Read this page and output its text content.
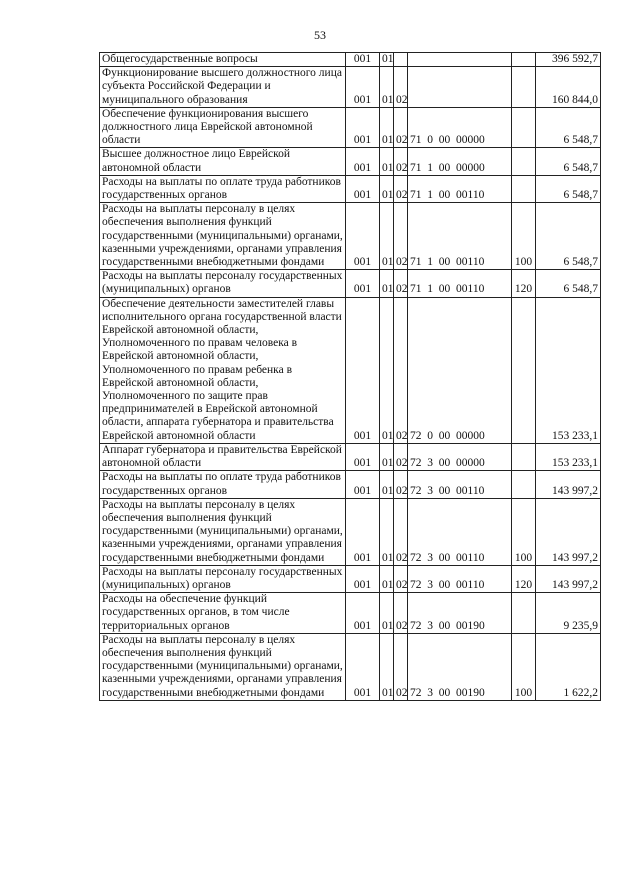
53
Общегосударственные вопросы	001	01				396 592,7
Функционирование высшего должностного лица субъекта Российской Федерации и муниципального образования	001	01	02			160 844,0
Обеспечение функционирования высшего должностного лица Еврейской автономной области	001	01	02	71  0  00  00000		6 548,7
Высшее должностное лицо Еврейской автономной области	001	01	02	71  1  00  00000		6 548,7
Расходы на выплаты по оплате труда работников государственных органов	001	01	02	71  1  00  00110		6 548,7
Расходы на выплаты персоналу в целях обеспечения выполнения функций государственными (муниципальными) органами, казенными учреждениями, органами управления государственными внебюджетными фондами	001	01	02	71  1  00  00110	100	6 548,7
Расходы на выплаты персоналу государственных (муниципальных) органов	001	01	02	71  1  00  00110	120	6 548,7
Обеспечение деятельности заместителей главы исполнительного органа государственной власти Еврейской автономной области, Уполномоченного по правам человека в Еврейской автономной области, Уполномоченного по правам ребенка в Еврейской автономной области, Уполномоченного по защите прав предпринимателей в Еврейской автономной области, аппарата губернатора и правительства Еврейской автономной области	001	01	02	72  0  00  00000		153 233,1
Аппарат губернатора и правительства Еврейской автономной области	001	01	02	72  3  00  00000		153 233,1
Расходы на выплаты по оплате труда работников государственных органов	001	01	02	72  3  00  00110		143 997,2
Расходы на выплаты персоналу в целях обеспечения выполнения функций государственными (муниципальными) органами, казенными учреждениями, органами управления государственными внебюджетными фондами	001	01	02	72  3  00  00110	100	143 997,2
Расходы на выплаты персоналу государственных (муниципальных) органов	001	01	02	72  3  00  00110	120	143 997,2
Расходы на обеспечение функций государственных органов, в том числе территориальных органов	001	01	02	72  3  00  00190		9 235,9
Расходы на выплаты персоналу в целях обеспечения выполнения функций государственными (муниципальными) органами, казенными учреждениями, органами управления государственными внебюджетными фондами	001	01	02	72  3  00  00190	100	1 622,2
